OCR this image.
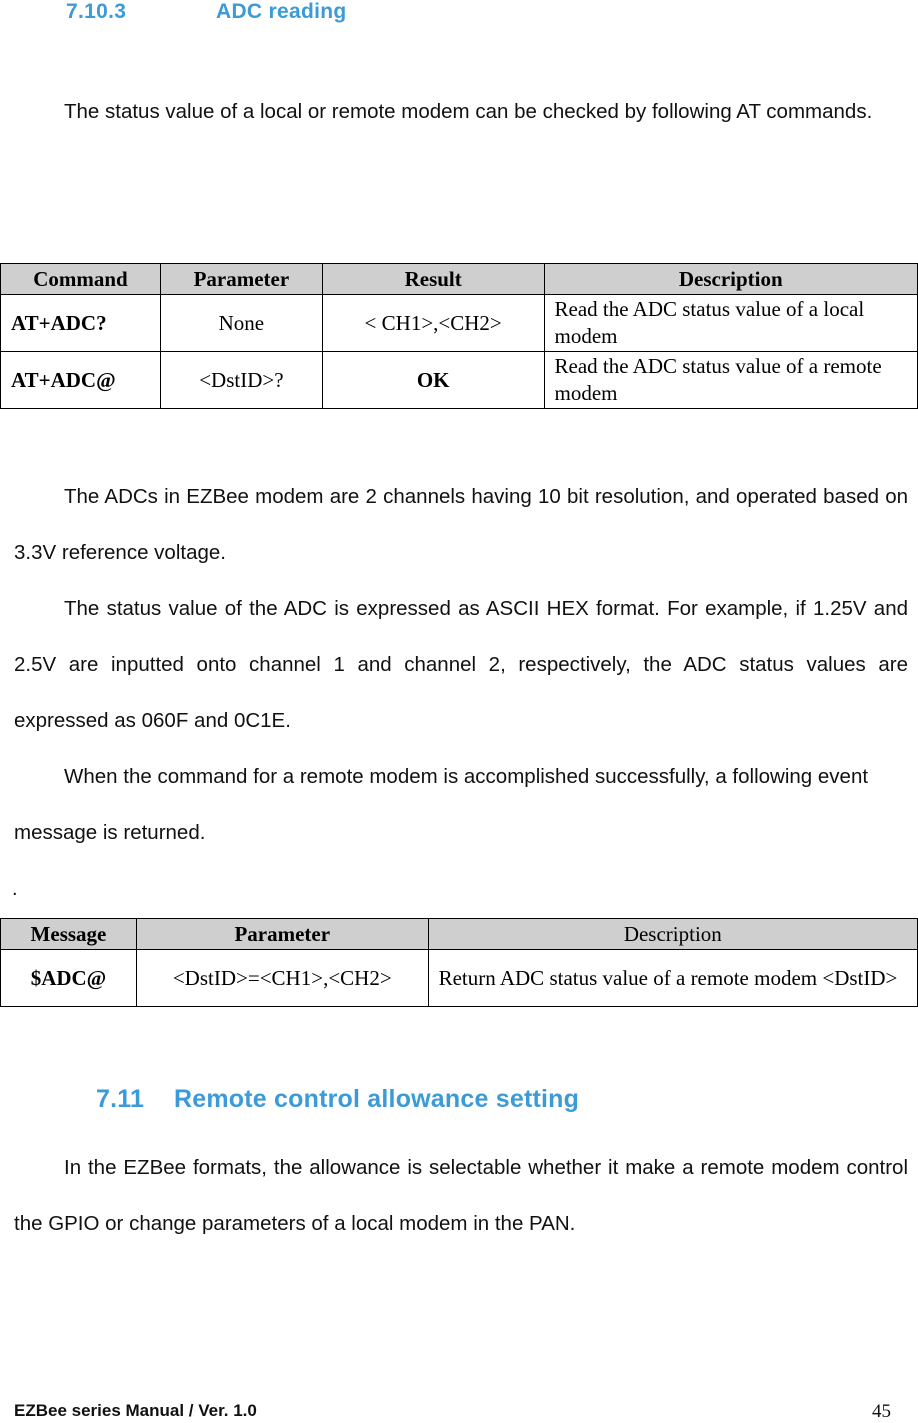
7.10.3	ADC reading

The status value of a local or remote modem can be checked by following AT commands.

Command	Parameter	Result	Description
AT+ADC?	None	< CH1>,<CH2>	Read the ADC status value of a local modem
AT+ADC@	<DstID>?	OK	Read the ADC status value of a remote modem

The ADCs in EZBee modem are 2 channels having 10 bit resolution, and operated based on 3.3V reference voltage.

The status value of the ADC is expressed as ASCII HEX format. For example, if 1.25V and 2.5V are inputted onto channel 1 and channel 2, respectively, the ADC status values are expressed as 060F and 0C1E.

When the command for a remote modem is accomplished successfully, a following event message is returned.

.
Message	Parameter	Description
$ADC@	<DstID>=<CH1>,<CH2>	Return ADC status value of a remote modem <DstID>
7.11 Remote control allowance setting

In the EZBee formats, the allowance is selectable whether it make a remote modem control the GPIO or change parameters of a local modem in the PAN.

EZBee series Manual / Ver. 1.0	45
